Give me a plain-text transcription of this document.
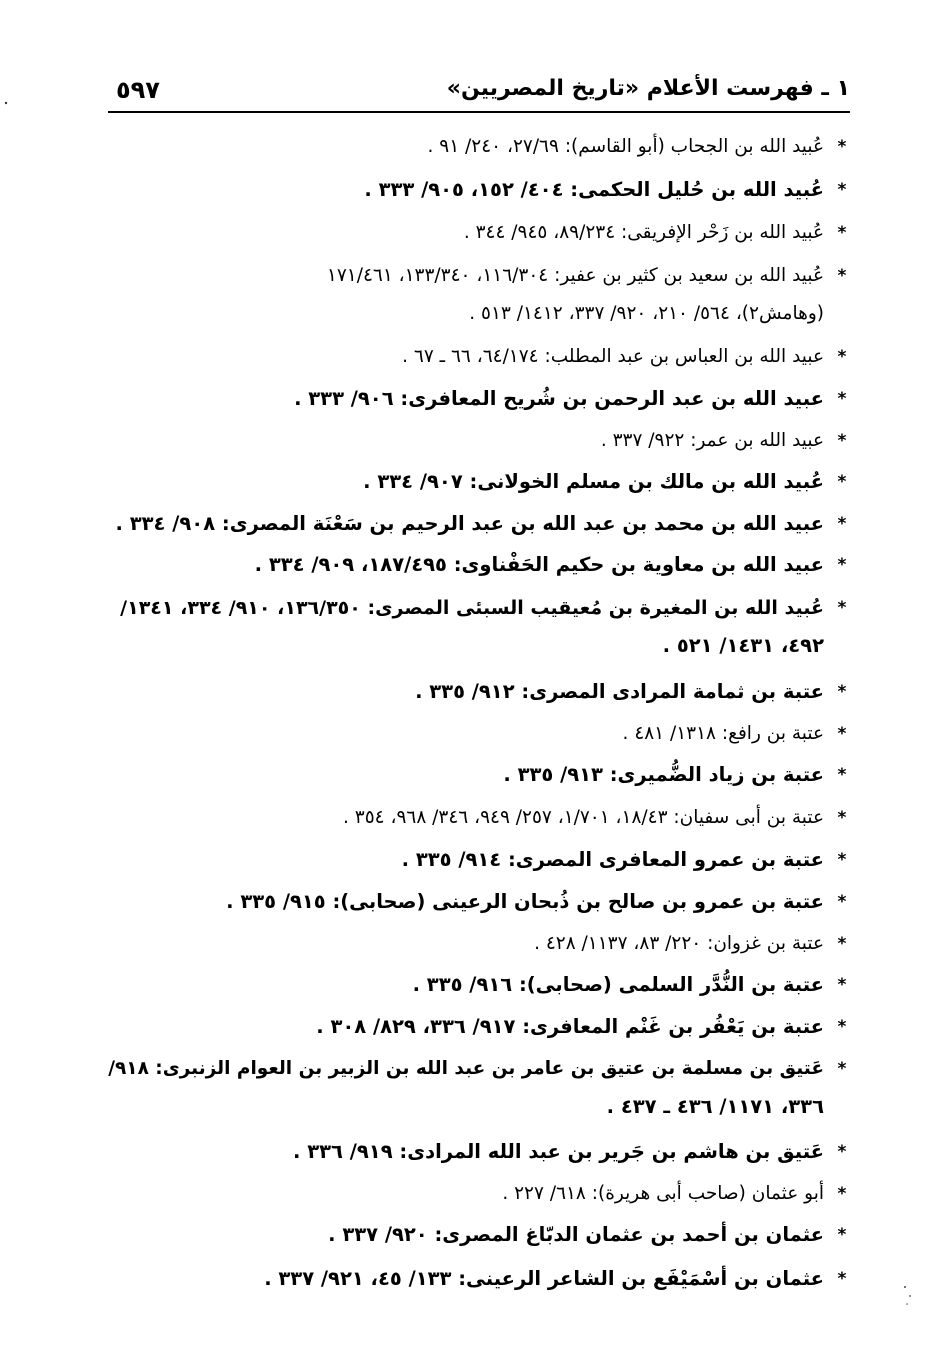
١ ـ فهرست الأعلام «تاريخ المصريين»
٥٩٧
*
عُبيد الله بن الجحاب (أبو القاسم): ٢٧/٦٩، ٢٤٠/ ٩١ .
*
عُبيد الله بن حُليل الحكمى: ٤٠٤/ ١٥٢، ٩٠٥/ ٣٣٣ .
*
عُبيد الله بن زَحْر الإفريقى: ٨٩/٢٣٤، ٩٤٥/ ٣٤٤ .
*
عُبيد الله بن سعيد بن كثير بن عفير: ١١٦/٣٠٤، ١٣٣/٣٤٠، ١٧١/٤٦١
(وهامش٢)، ٥٦٤/ ٢١٠، ٩٢٠/ ٣٣٧، ١٤١٢/ ٥١٣ .
*
عبيد الله بن العباس بن عبد المطلب: ٦٤/١٧٤، ٦٦ ـ ٦٧ .
*
عبيد الله بن عبد الرحمن بن شُريح المعافرى: ٩٠٦/ ٣٣٣ .
*
عبيد الله بن عمر: ٩٢٢/ ٣٣٧ .
*
عُبيد الله بن مالك بن مسلم الخولانى: ٩٠٧/ ٣٣٤ .
*
عبيد الله بن محمد بن عبد الله بن عبد الرحيم بن سَعْنَة المصرى: ٩٠٨/ ٣٣٤ .
*
عبيد الله بن معاوية بن حكيم الحَفْناوى: ١٨٧/٤٩٥، ٩٠٩/ ٣٣٤ .
*
عُبيد الله بن المغيرة بن مُعيقيب السبئى المصرى: ١٣٦/٣٥٠، ٩١٠/ ٣٣٤، ١٣٤١/
٤٩٢، ١٤٣١/ ٥٢١ .
*
عتبة بن ثمامة المرادى المصرى: ٩١٢/ ٣٣٥ .
*
عتبة بن رافع: ١٣١٨/ ٤٨١ .
*
عتبة بن زياد الضُّميرى: ٩١٣/ ٣٣٥ .
*
عتبة بن أبى سفيان: ١٨/٤٣، ١/٧٠١، ٢٥٧/ ٩٤٩، ٣٤٦/ ٩٦٨، ٣٥٤ .
*
عتبة بن عمرو المعافرى المصرى: ٩١٤/ ٣٣٥ .
*
عتبة بن عمرو بن صالح بن ذُبحان الرعينى (صحابى): ٩١٥/ ٣٣٥ .
*
عتبة بن غزوان: ٢٢٠/ ٨٣، ١١٣٧/ ٤٢٨ .
*
عتبة بن النُّدَّر السلمى (صحابى): ٩١٦/ ٣٣٥ .
*
عتبة بن يَعْفُر بن غَنْم المعافرى: ٩١٧/ ٣٣٦، ٨٢٩/ ٣٠٨ .
*
عَتيق بن مسلمة بن عتيق بن عامر بن عبد الله بن الزبير بن العوام الزنبرى: ٩١٨/
٣٣٦، ١١٧١/ ٤٣٦ ـ ٤٣٧ .
*
عَتيق بن هاشم بن جَرير بن عبد الله المرادى: ٩١٩/ ٣٣٦ .
*
أبو عثمان (صاحب أبى هريرة): ٦١٨/ ٢٢٧ .
*
عثمان بن أحمد بن عثمان الدبّاغ المصرى: ٩٢٠/ ٣٣٧ .
*
عثمان بن أسْمَيْفَع بن الشاعر الرعينى: ١٣٣/ ٤٥، ٩٢١/ ٣٣٧ .
